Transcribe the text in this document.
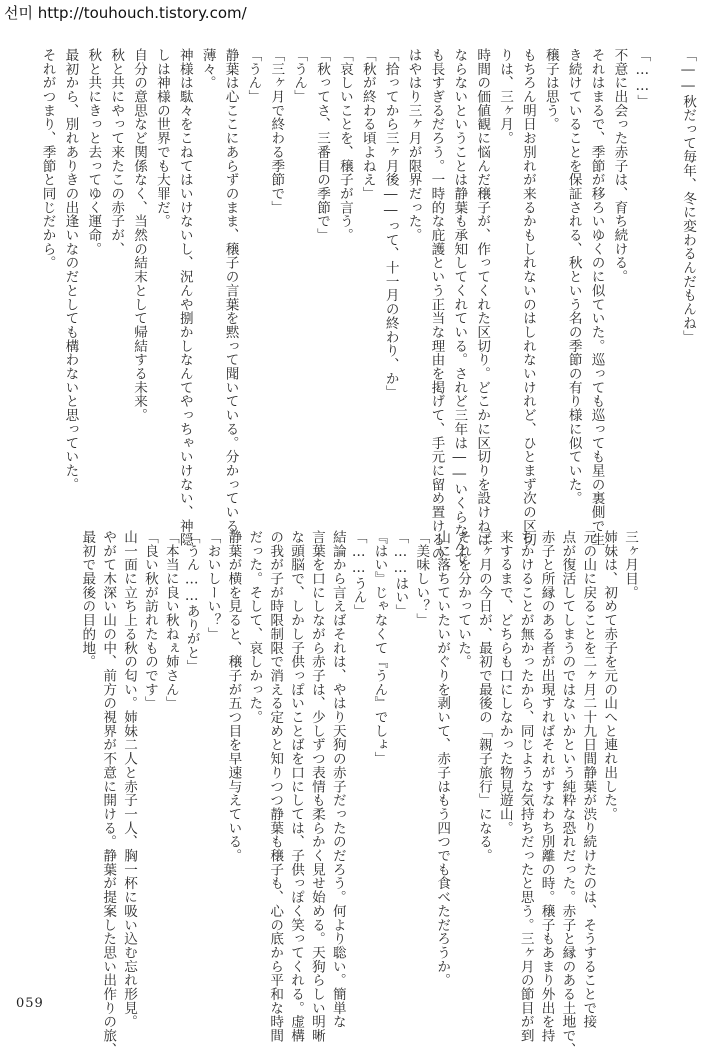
선미 http://touhouch.tistory.com/
「――秋だって毎年、冬に変わるんだもんね」
「……」
不意に出会った赤子は、育ち続ける。
それはまるで、季節が移ろいゆくのに似ていた。巡っても巡っても星の裏側で生
き続けていることを保証される、秋という名の季節の有り様に似ていた。
穣子は思う。
もちろん明日お別れが来るかもしれないのはしれないけれど、ひとまず次の区切
りは、三ヶ月。
時間の価値観に悩んだ穣子が、作ってくれた区切り。どこかに区切りを設けねば
ならないということは静葉も承知してくれている。されど三年は――いくらなんで
も長すぎるだろう。一時的な庇護という正当な理由を掲げて、手元に留め置けるの
はやはり三ヶ月が限界だった。
「拾ってから三ヶ月後――って、十一月の終わり、か」
「秋が終わる頃よねえ」
「哀しいことを、穣子が言う。
「秋ってさ、三番目の季節で」
「うん」
「三ヶ月で終わる季節で」
「うん」
静葉は心ここにあらずのまま、穣子の言葉を黙って聞いている。分かっている。
薄々。
神様は駄々をこねてはいけないし、況んや捌かしなんてやっちゃいけない、神隠
しは神様の世界でも大罪だ。
自分の意思など関係なく、当然の結末として帰結する未来。
秋と共にやって来たこの赤子が、
秋と共にきっと去ってゆく運命。
最初から、別れありきの出逢いなのだとしても構わないと思っていた。
それがつまり、季節と同じだから。
三ヶ月目。
姉妹は、初めて赤子を元の山へと連れ出した。
元の山に戻ることを二ヶ月二十九日間静葉が渋り続けたのは、そうすることで接
点が復活してしまうのではないかという純粋な恐れだった。赤子と縁のある土地で、
赤子と所縁のある者が出現すればそれがすなわち別離の時。穣子もあまり外出を持
ちかけることが無かったから、同じような気持ちだったと思う。三ヶ月の節目が到
来するまで、どちらも口にしなかった物見遊山。
三ヶ月の今日が、最初で最後の「親子旅行」になる。
それを分かっていた。
山に落ちていたいがぐりを剥いて、赤子はもう四つでも食べただろうか。
「美味しい？」
「……はい」
『はい』じゃなくて『うん』でしょ」
「……うん」
結論から言えばそれは、やはり天狗の赤子だったのだろう。何より聡い。簡単な
言葉を口にしながら赤子は、少しずつ表情も柔らかく見せ始める。天狗らしい明晰
な頭脳で、しかし子供っぽいことばを口にしては、子供っぽく笑ってくれる。虚構
の我が子が時限制限で消える定めと知りつつ静葉も穣子も、心の底から平和な時間
だった。そして、哀しかった。
静葉が横を見ると、穣子が五つ目を早速与えている。
「おいしーい？」
「うん……ありがと」
「本当に良い秋ねぇ姉さん」
「良い秋が訪れたものです」
山一面に立ち上る秋の匂い。姉妹二人と赤子一人、胸一杯に吸い込む忘れ形見。
やがて木深い山の中、前方の視界が不意に開ける。静葉が提案した思い出作りの旅、
最初で最後の目的地。
059
